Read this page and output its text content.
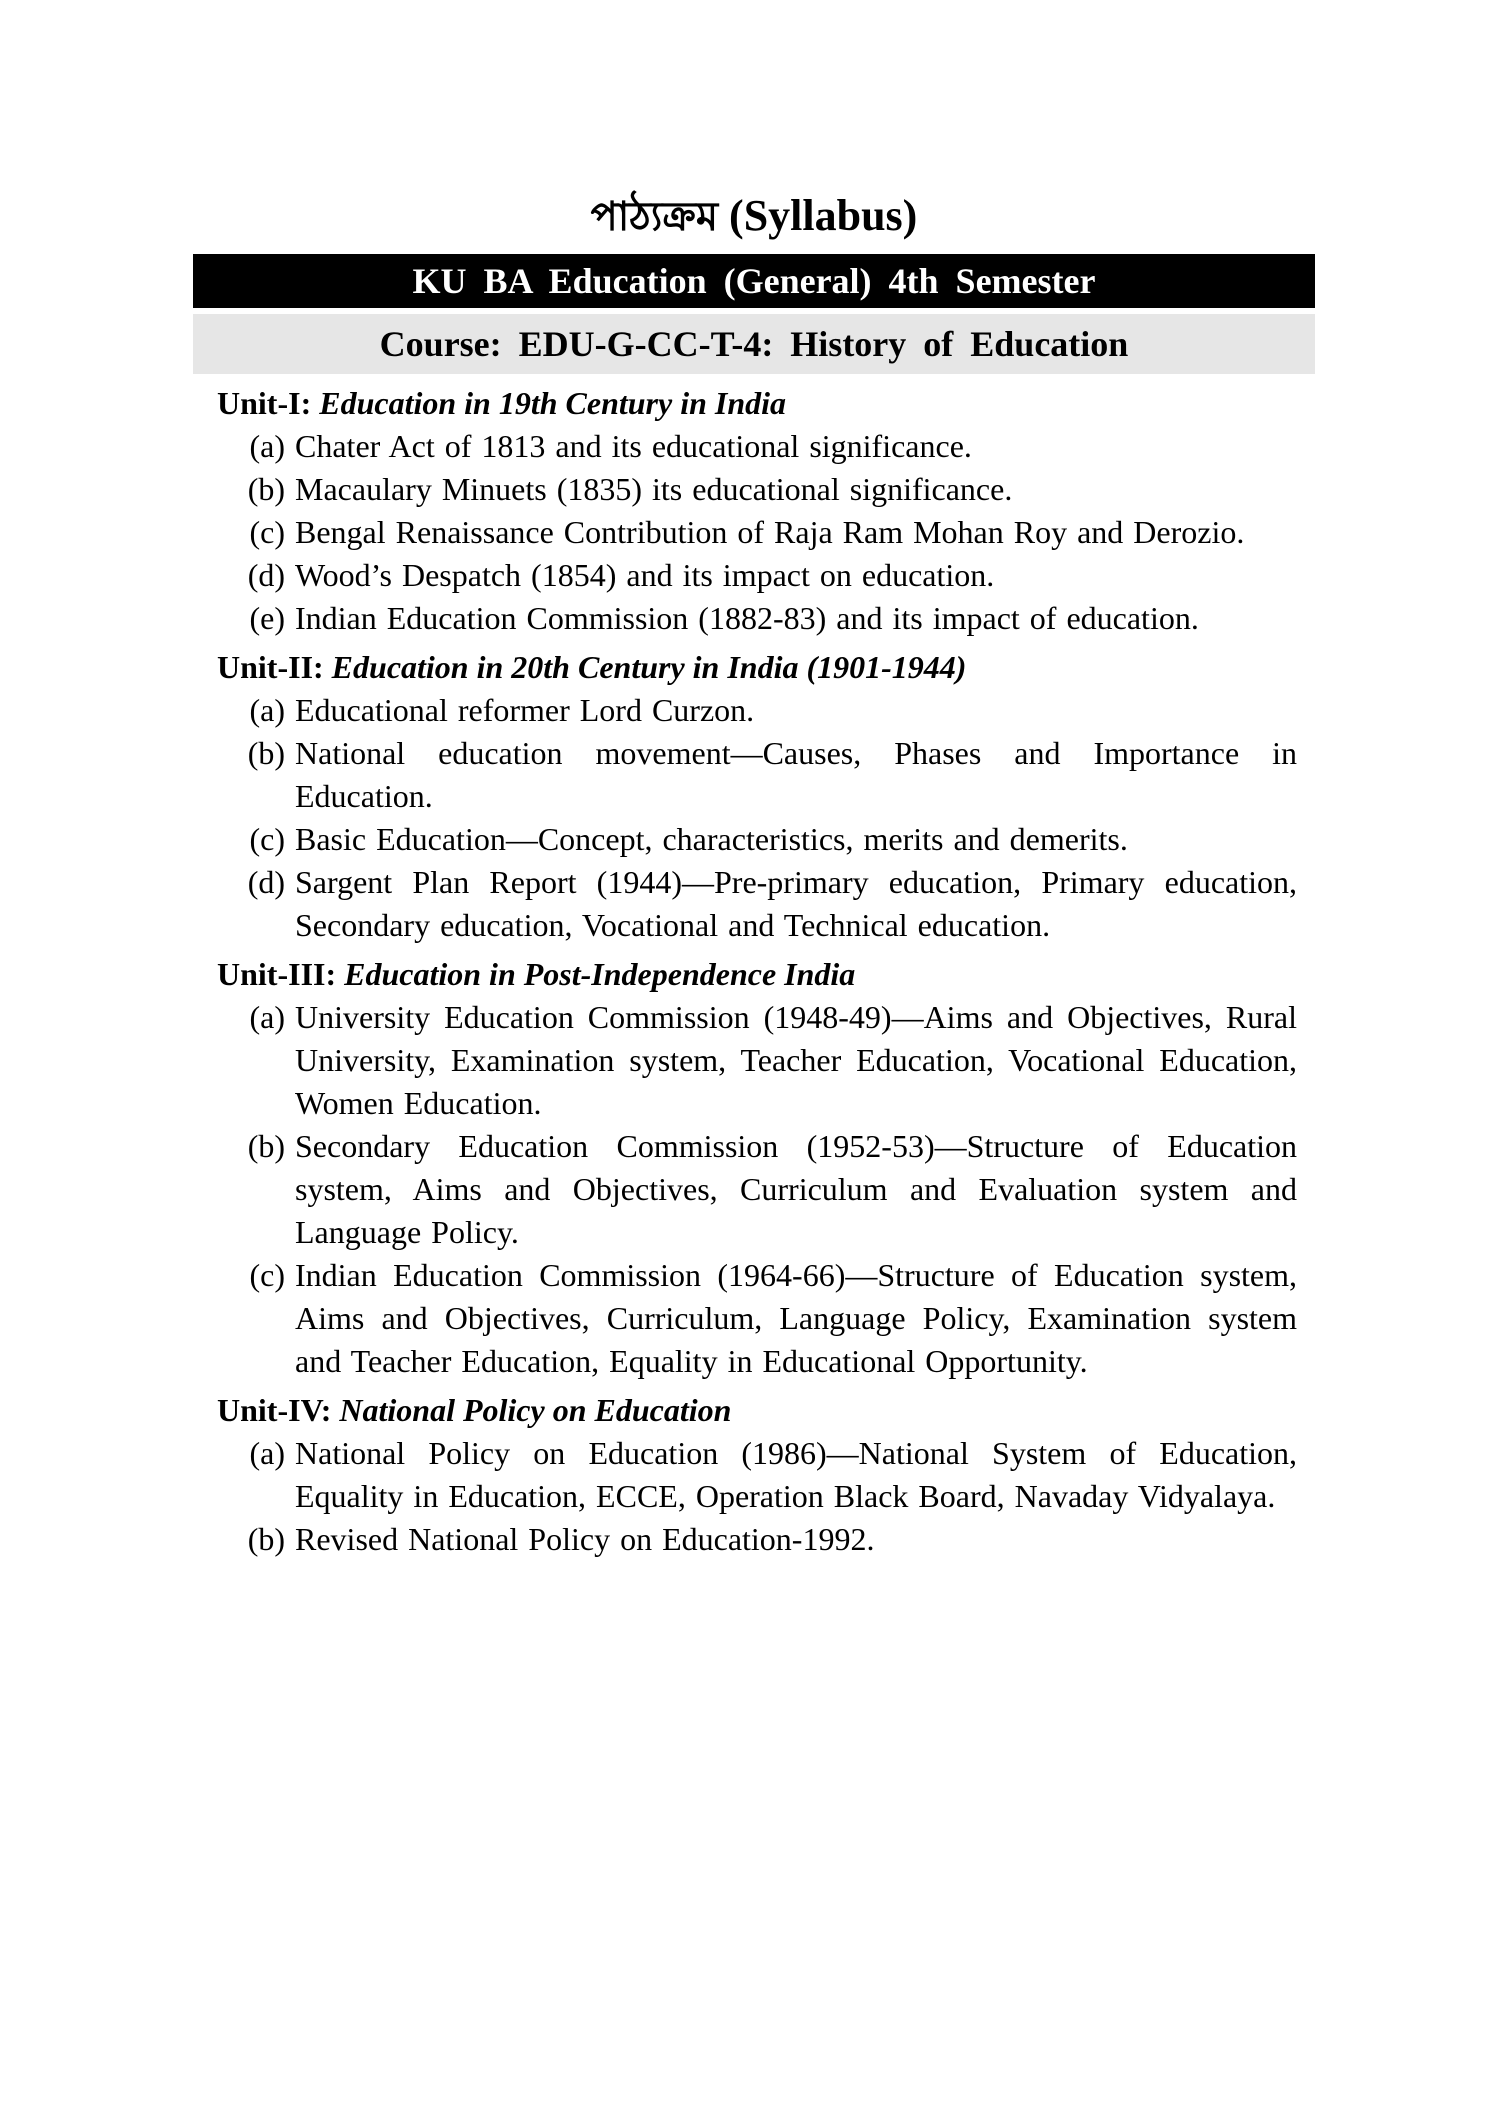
পাঠ্যক্রম (Syllabus)
KU BA Education (General) 4th Semester
Course: EDU-G-CC-T-4: History of Education

Unit-I: Education in 19th Century in India

(a) Chater Act of 1813 and its educational significance.
(b) Macaulary Minuets (1835) its educational significance.
(c) Bengal Renaissance Contribution of Raja Ram Mohan Roy and Derozio.
(d) Wood’s Despatch (1854) and its impact on education.
(e) Indian Education Commission (1882-83) and its impact of education.

Unit-II: Education in 20th Century in India (1901-1944)

(a) Educational reformer Lord Curzon.
(b) National education movement—Causes, Phases and Importance in Education.
(c) Basic Education—Concept, characteristics, merits and demerits.
(d) Sargent Plan Report (1944)—Pre-primary education, Primary education, Secondary education, Vocational and Technical education.

Unit-III: Education in Post-Independence India

(a) University Education Commission (1948-49)—Aims and Objectives, Rural University, Examination system, Teacher Education, Vocational Education, Women Education.
(b) Secondary Education Commission (1952-53)—Structure of Education system, Aims and Objectives, Curriculum and Evaluation system and Language Policy.
(c) Indian Education Commission (1964-66)—Structure of Education system, Aims and Objectives, Curriculum, Language Policy, Examination system and Teacher Education, Equality in Educational Opportunity.

Unit-IV: National Policy on Education

(a) National Policy on Education (1986)—National System of Education, Equality in Education, ECCE, Operation Black Board, Navaday Vidyalaya.
(b) Revised National Policy on Education-1992.
